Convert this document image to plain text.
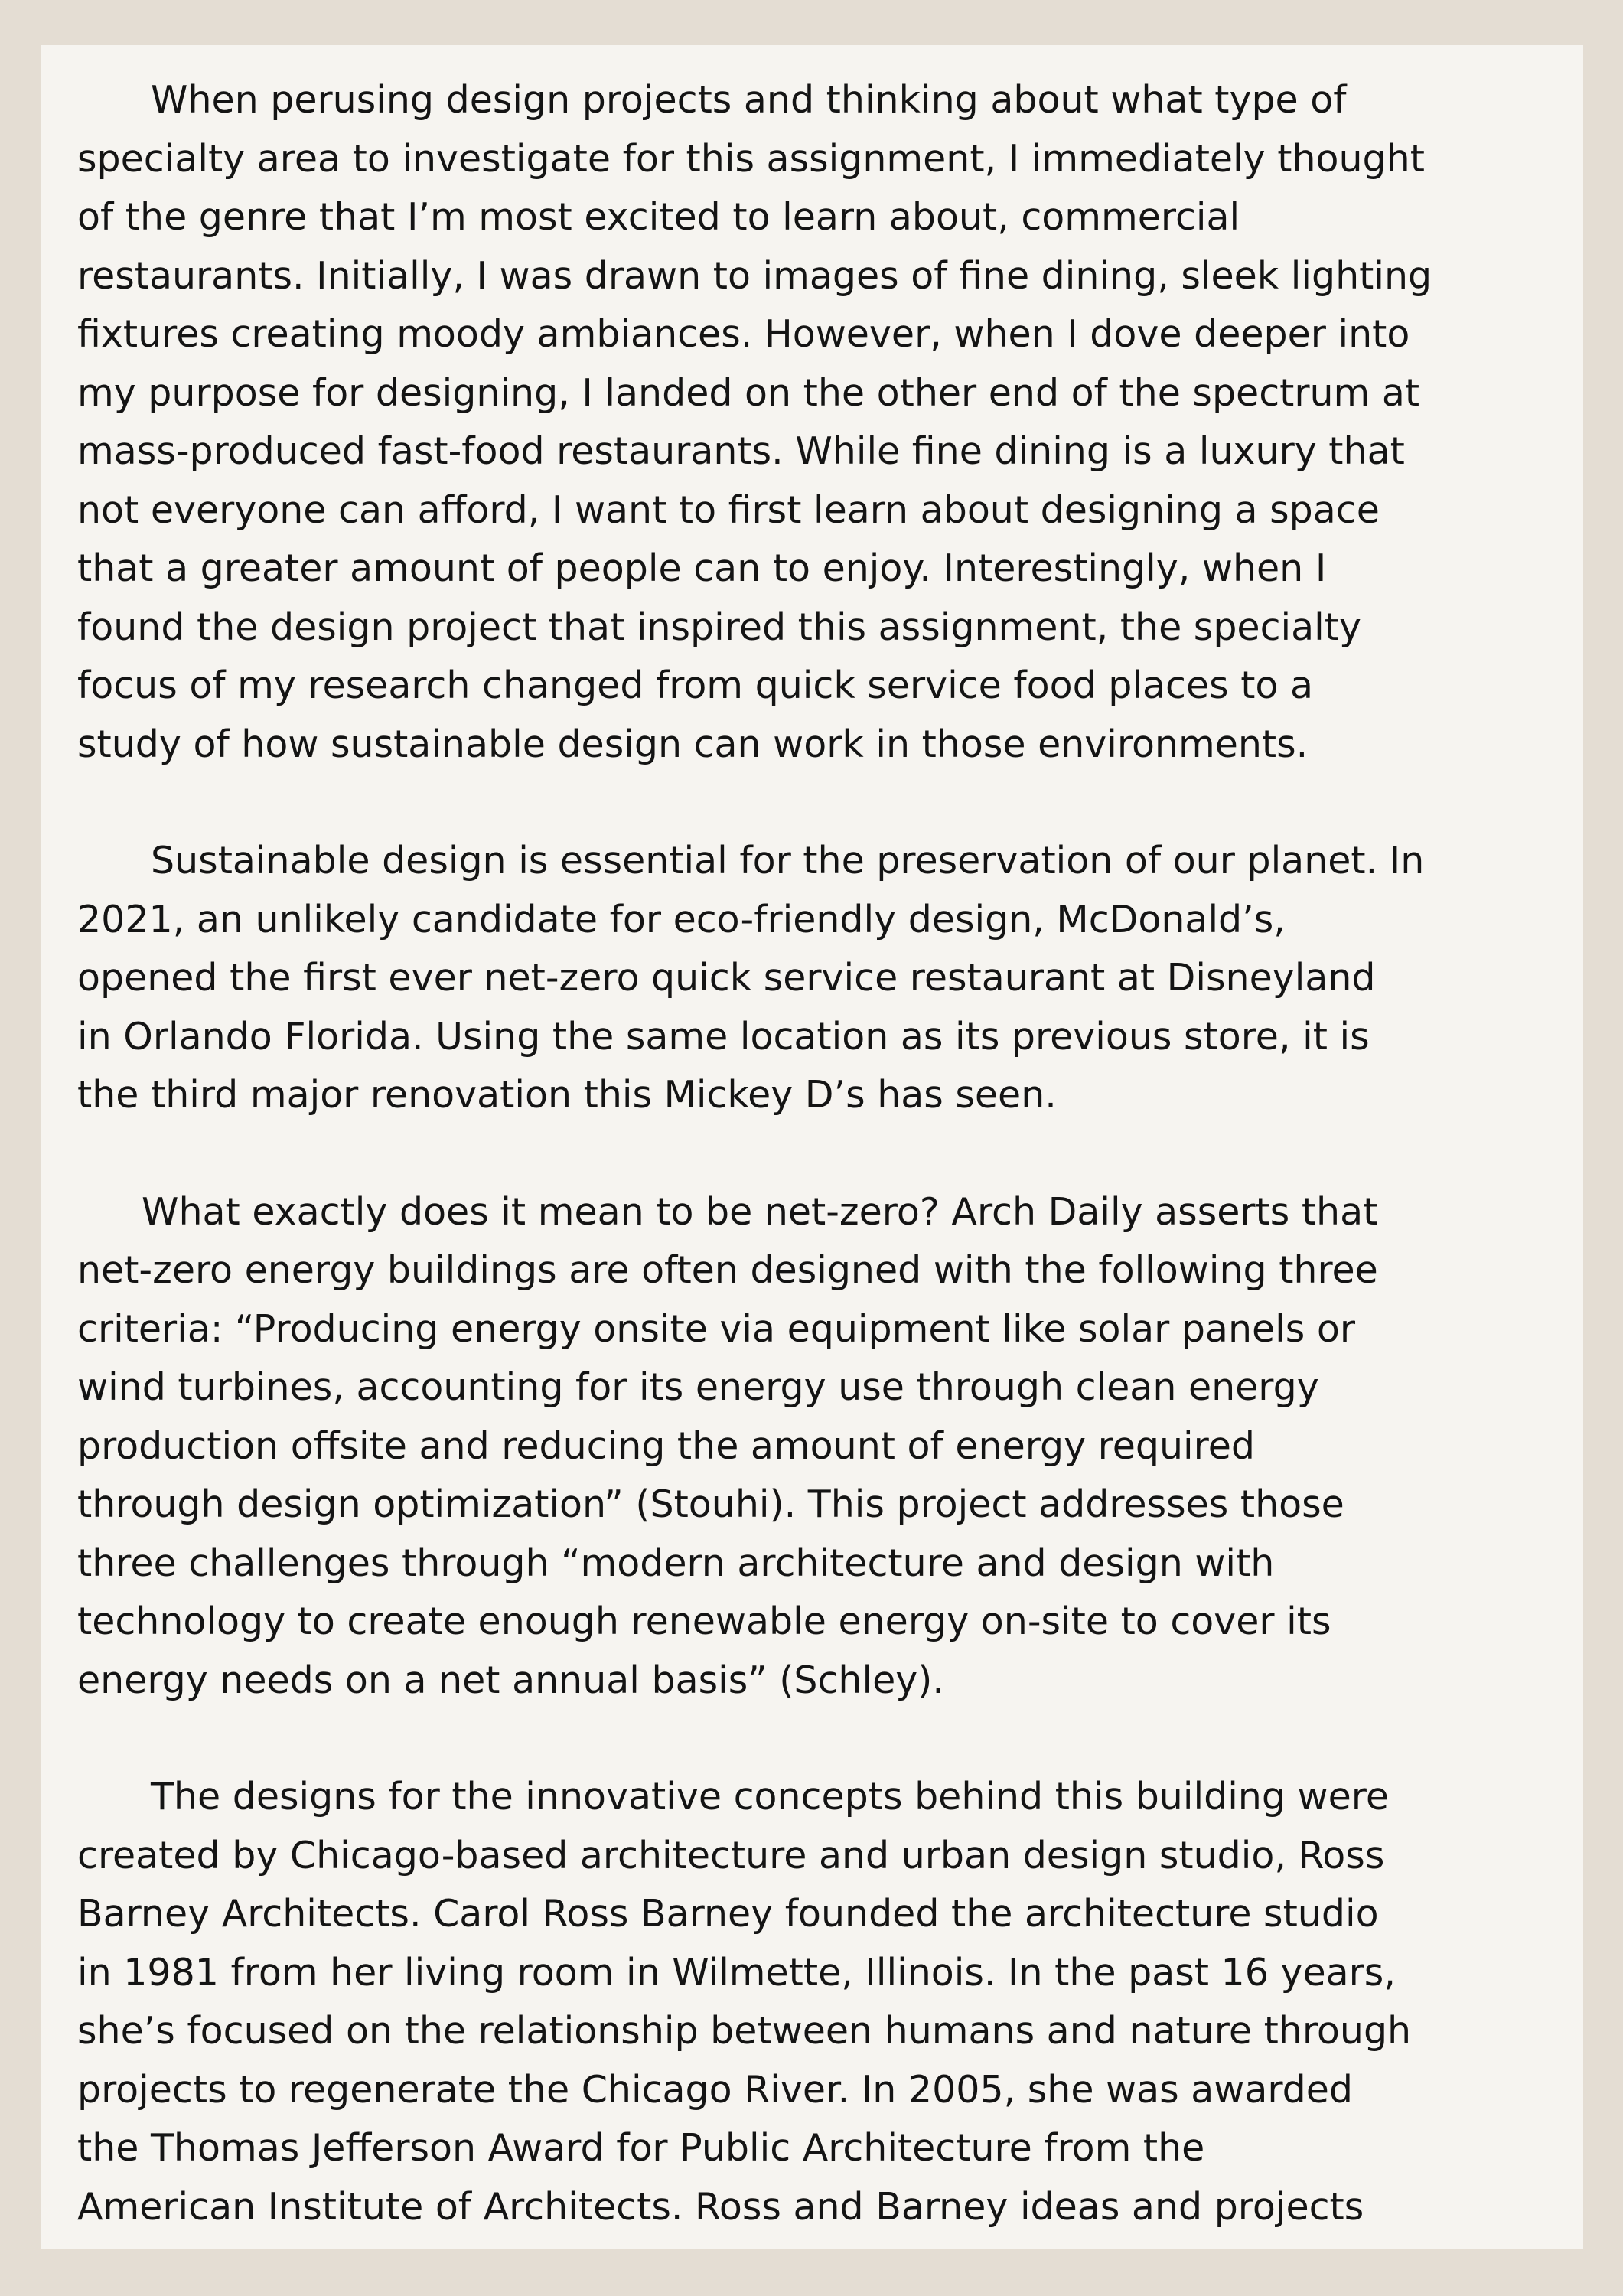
When perusing design projects and thinking about what type of
specialty area to investigate for this assignment, I immediately thought
of the genre that I’m most excited to learn about, commercial
restaurants. Initially, I was drawn to images of fine dining, sleek lighting
fixtures creating moody ambiances. However, when I dove deeper into
my purpose for designing, I landed on the other end of the spectrum at
mass-produced fast-food restaurants. While fine dining is a luxury that
not everyone can afford, I want to first learn about designing a space
that a greater amount of people can to enjoy. Interestingly, when I
found the design project that inspired this assignment, the specialty
focus of my research changed from quick service food places to a
study of how sustainable design can work in those environments.

Sustainable design is essential for the preservation of our planet. In
2021, an unlikely candidate for eco-friendly design, McDonald’s,
opened the first ever net-zero quick service restaurant at Disneyland
in Orlando Florida. Using the same location as its previous store, it is
the third major renovation this Mickey D’s has seen.

What exactly does it mean to be net-zero? Arch Daily asserts that
net-zero energy buildings are often designed with the following three
criteria: “Producing energy onsite via equipment like solar panels or
wind turbines, accounting for its energy use through clean energy
production offsite and reducing the amount of energy required
through design optimization” (Stouhi). This project addresses those
three challenges through “modern architecture and design with
technology to create enough renewable energy on-site to cover its
energy needs on a net annual basis” (Schley).

The designs for the innovative concepts behind this building were
created by Chicago-based architecture and urban design studio, Ross
Barney Architects. Carol Ross Barney founded the architecture studio
in 1981 from her living room in Wilmette, Illinois. In the past 16 years,
she’s focused on the relationship between humans and nature through
projects to regenerate the Chicago River. In 2005, she was awarded
the Thomas Jefferson Award for Public Architecture from the
American Institute of Architects. Ross and Barney ideas and projects
